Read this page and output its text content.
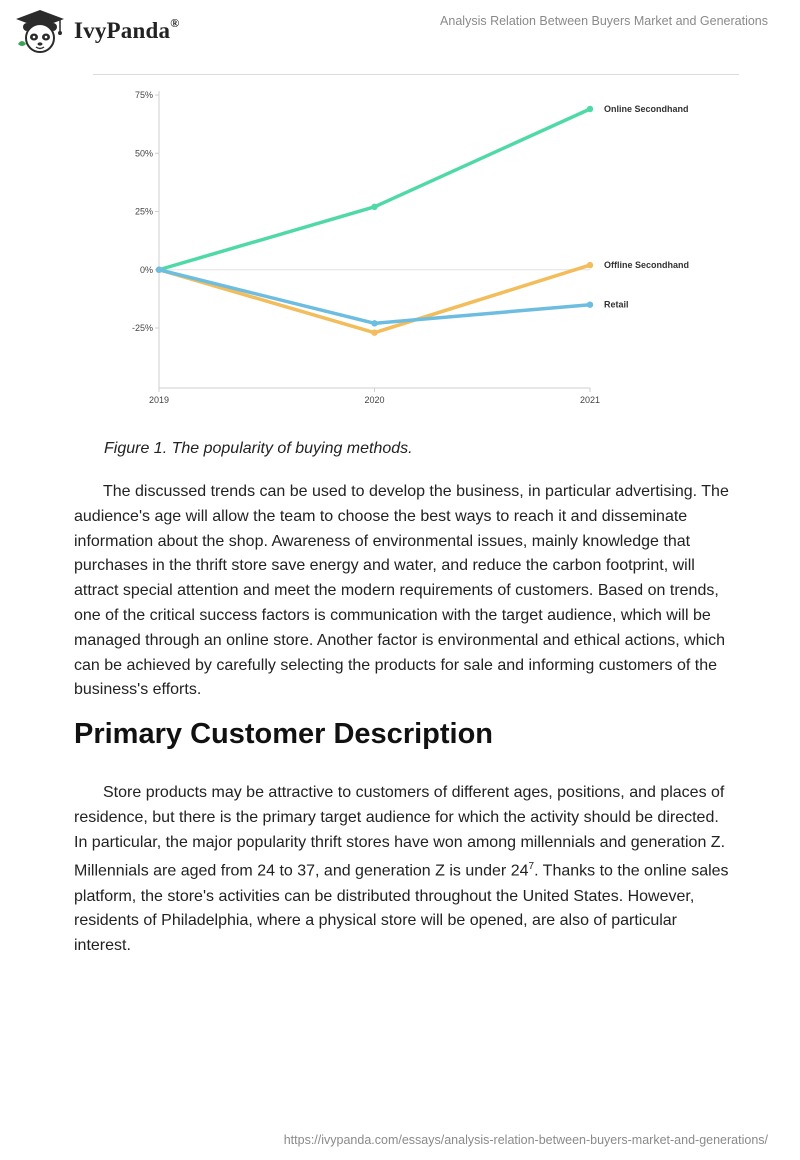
IvyPanda®	Analysis Relation Between Buyers Market and Generations
75%
50%
25%
0%
-25%
2019	2020	2021
Online Secondhand
Offline Secondhand
Retail
Figure 1. The popularity of buying methods.

The discussed trends can be used to develop the business, in particular advertising. The audience's age will allow the team to choose the best ways to reach it and disseminate information about the shop. Awareness of environmental issues, mainly knowledge that purchases in the thrift store save energy and water, and reduce the carbon footprint, will attract special attention and meet the modern requirements of customers. Based on trends, one of the critical success factors is communication with the target audience, which will be managed through an online store. Another factor is environmental and ethical actions, which can be achieved by carefully selecting the products for sale and informing customers of the business's efforts.

Primary Customer Description

Store products may be attractive to customers of different ages, positions, and places of residence, but there is the primary target audience for which the activity should be directed. In particular, the major popularity thrift stores have won among millennials and generation Z. Millennials are aged from 24 to 37, and generation Z is under $24^7$. Thanks to the online sales platform, the store's activities can be distributed throughout the United States. However, residents of Philadelphia, where a physical store will be opened, are also of particular interest.

https://ivypanda.com/essays/analysis-relation-between-buyers-market-and-generations/
